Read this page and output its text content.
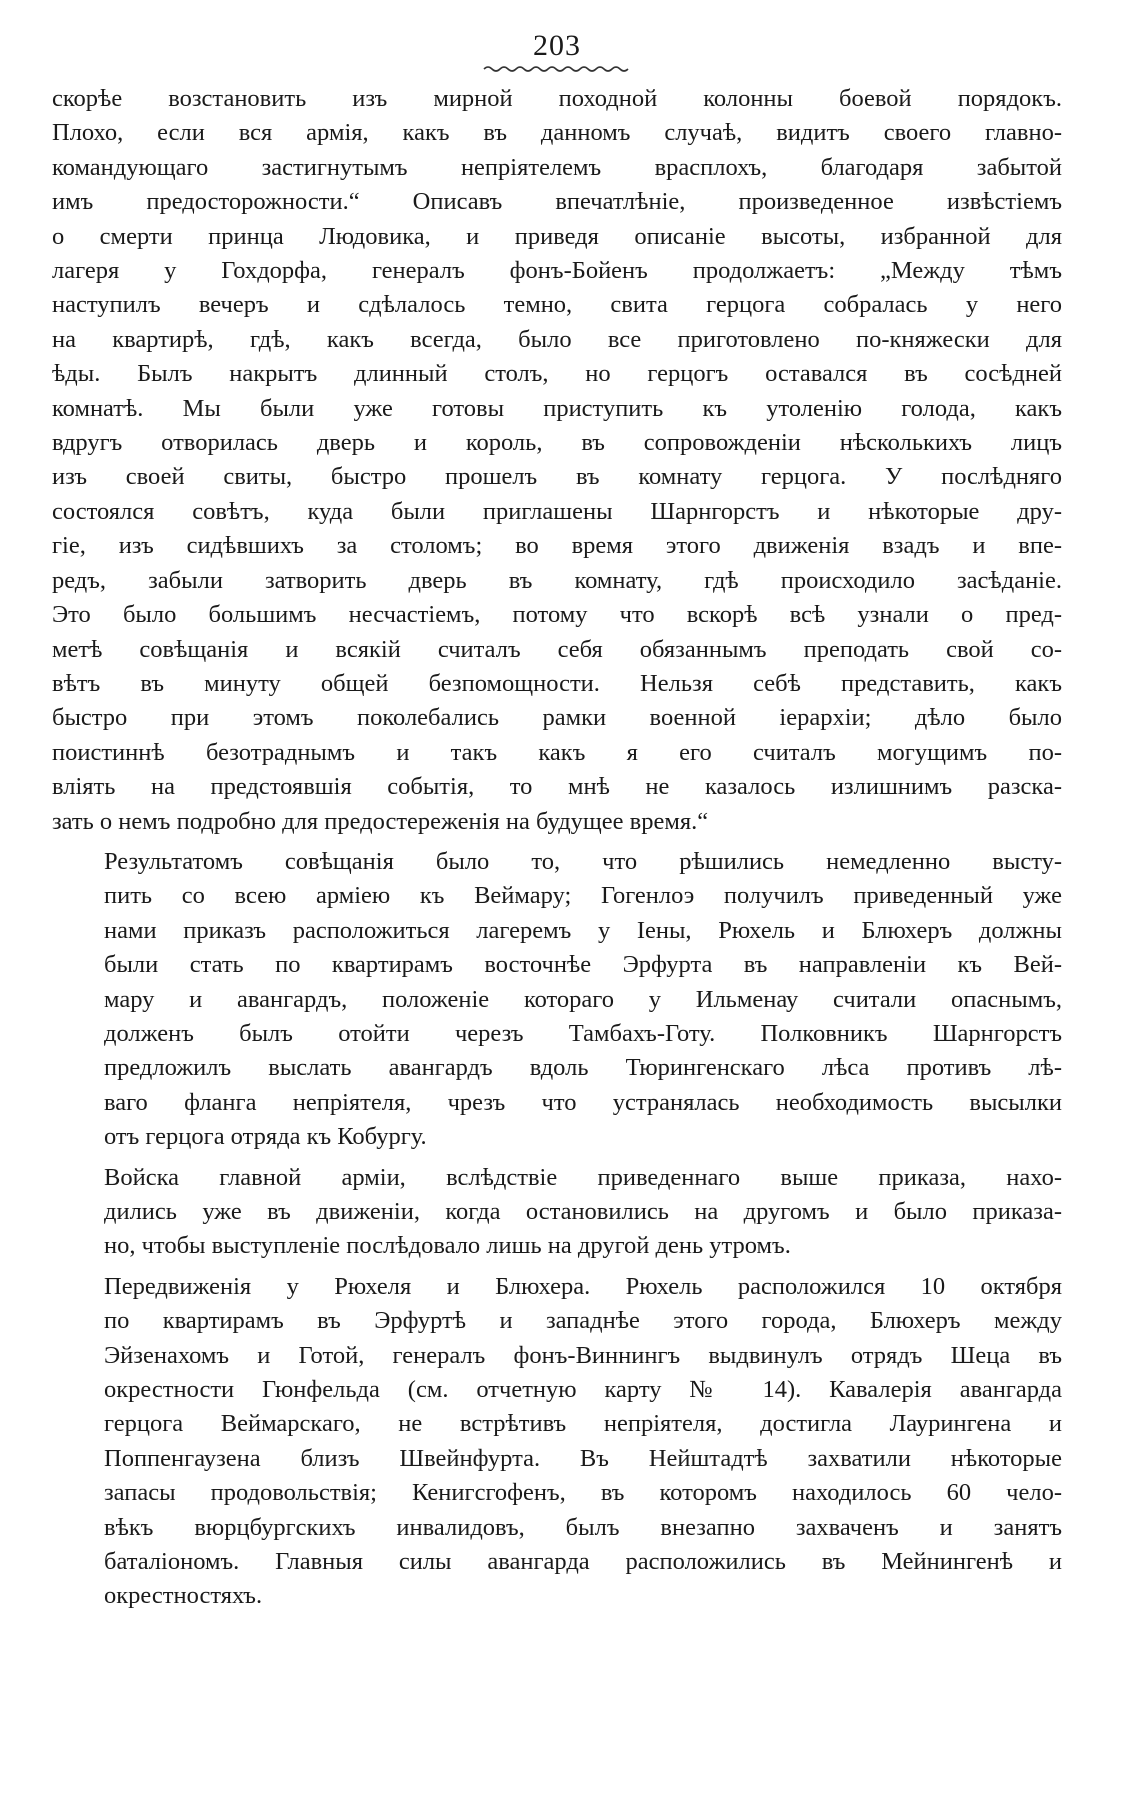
203

скорѣе возстановить изъ мирной походной колонны боевой порядокъ.
Плохо, если вся армія, какъ въ данномъ случаѣ, видитъ своего главно-
командующаго застигнутымъ непріятелемъ врасплохъ, благодаря забытой
имъ предосторожности.“ Описавъ впечатлѣніе, произведенное извѣстіемъ
о смерти принца Людовика, и приведя описаніе высоты, избранной для
лагеря у Гохдорфа, генералъ фонъ-Бойенъ продолжаетъ: „Между тѣмъ
наступилъ вечеръ и сдѣлалось темно, свита герцога собралась у него
на квартирѣ, гдѣ, какъ всегда, было все приготовлено по-княжески для
ѣды. Былъ накрытъ длинный столъ, но герцогъ оставался въ сосѣдней
комнатѣ. Мы были уже готовы приступить къ утоленію голода, какъ
вдругъ отворилась дверь и король, въ сопровожденіи нѣсколькихъ лицъ
изъ своей свиты, быстро прошелъ въ комнату герцога. У послѣдняго
состоялся совѣтъ, куда были приглашены Шарнгорстъ и нѣкоторые дру-
гіе, изъ сидѣвшихъ за столомъ; во время этого движенія взадъ и впе-
редъ, забыли затворить дверь въ комнату, гдѣ происходило засѣданіе.
Это было большимъ несчастіемъ, потому что вскорѣ всѣ узнали о пред-
метѣ совѣщанія и всякій считалъ себя обязаннымъ преподать свой со-
вѣтъ въ минуту общей безпомощности. Нельзя себѣ представить, какъ
быстро при этомъ поколебались рамки военной іерархіи; дѣло было
поистиннѣ безотраднымъ и такъ какъ я его считалъ могущимъ по-
вліять на предстоявшія событія, то мнѣ не казалось излишнимъ разска-
зать о немъ подробно для предостереженія на будущее время.“

Результатомъ совѣщанія было то, что рѣшились немедленно высту-
пить со всею арміею къ Веймару; Гогенлоэ получилъ приведенный уже
нами приказъ расположиться лагеремъ у Іены, Рюхель и Блюхеръ должны
были стать по квартирамъ восточнѣе Эрфурта въ направленіи къ Вей-
мару и авангардъ, положеніе котораго у Ильменау считали опаснымъ,
долженъ былъ отойти черезъ Тамбахъ-Готу. Полковникъ Шарнгорстъ
предложилъ выслать авангардъ вдоль Тюрингенскаго лѣса противъ лѣ-
ваго фланга непріятеля, чрезъ что устранялась необходимость высылки
отъ герцога отряда къ Кобургу.

Войска главной арміи, вслѣдствіе приведеннаго выше приказа, нахо-
дились уже въ движеніи, когда остановились на другомъ и было приказа-
но, чтобы выступленіе послѣдовало лишь на другой день утромъ.

Передвиженія у Рюхеля и Блюхера. Рюхель расположился 10 октября
по квартирамъ въ Эрфуртѣ и западнѣе этого города, Блюхеръ между
Эйзенахомъ и Готой, генералъ фонъ-Виннингъ выдвинулъ отрядъ Шеца въ
окрестности Гюнфельда (см. отчетную карту № 14). Кавалерія авангарда
герцога Веймарскаго, не встрѣтивъ непріятеля, достигла Лаурингена и
Поппенгаузена близъ Швейнфурта. Въ Нейштадтѣ захватили нѣкоторые
запасы продовольствія; Кенигсгофенъ, въ которомъ находилось 60 чело-
вѣкъ вюрцбургскихъ инвалидовъ, былъ внезапно захваченъ и занятъ
баталіономъ. Главныя силы авангарда расположились въ Мейнингенѣ и
окрестностяхъ.
